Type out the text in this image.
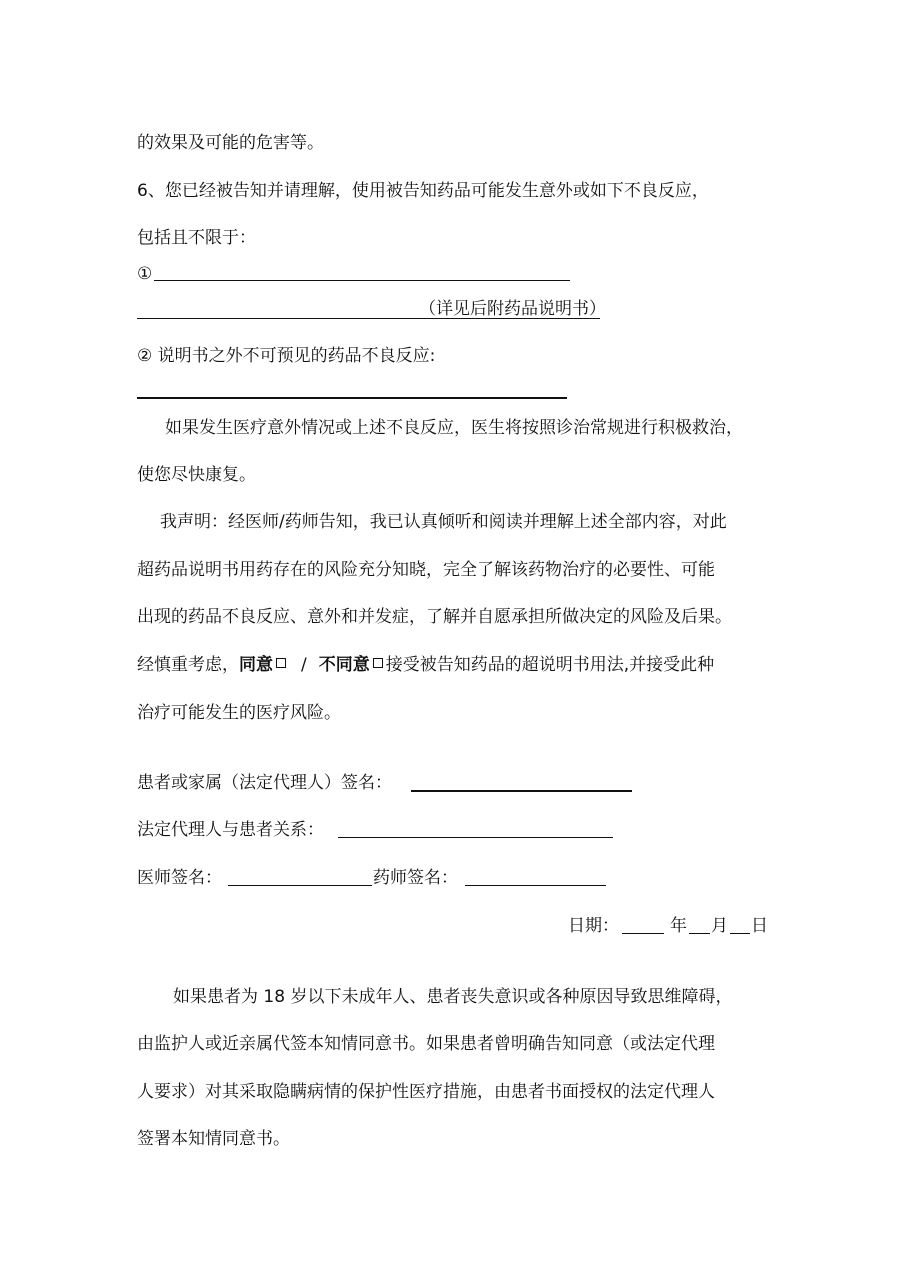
的效果及可能的危害等。
6、您已经被告知并请理解，使用被告知药品可能发生意外或如下不良反应，
包括且不限于：
①
（详见后附药品说明书）
② 说明书之外不可预见的药品不良反应:
如果发生医疗意外情况或上述不良反应，医生将按照诊治常规进行积极救治，
使您尽快康复。
我声明：经医师/药师告知，我已认真倾听和阅读并理解上述全部内容，对此
超药品说明书用药存在的风险充分知晓，完全了解该药物治疗的必要性、可能
出现的药品不良反应、意外和并发症，了解并自愿承担所做决定的风险及后果。
经慎重考虑，同意 / 不同意 接受被告知药品的超说明书用法,并接受此种
治疗可能发生的医疗风险。
患者或家属（法定代理人）签名：
法定代理人与患者关系：
医师签名：	药师签名：
日期：	年 月 日
如果患者为 18 岁以下未成年人、患者丧失意识或各种原因导致思维障碍，
由监护人或近亲属代签本知情同意书。如果患者曾明确告知同意（或法定代理
人要求）对其采取隐瞒病情的保护性医疗措施，由患者书面授权的法定代理人
签署本知情同意书。
